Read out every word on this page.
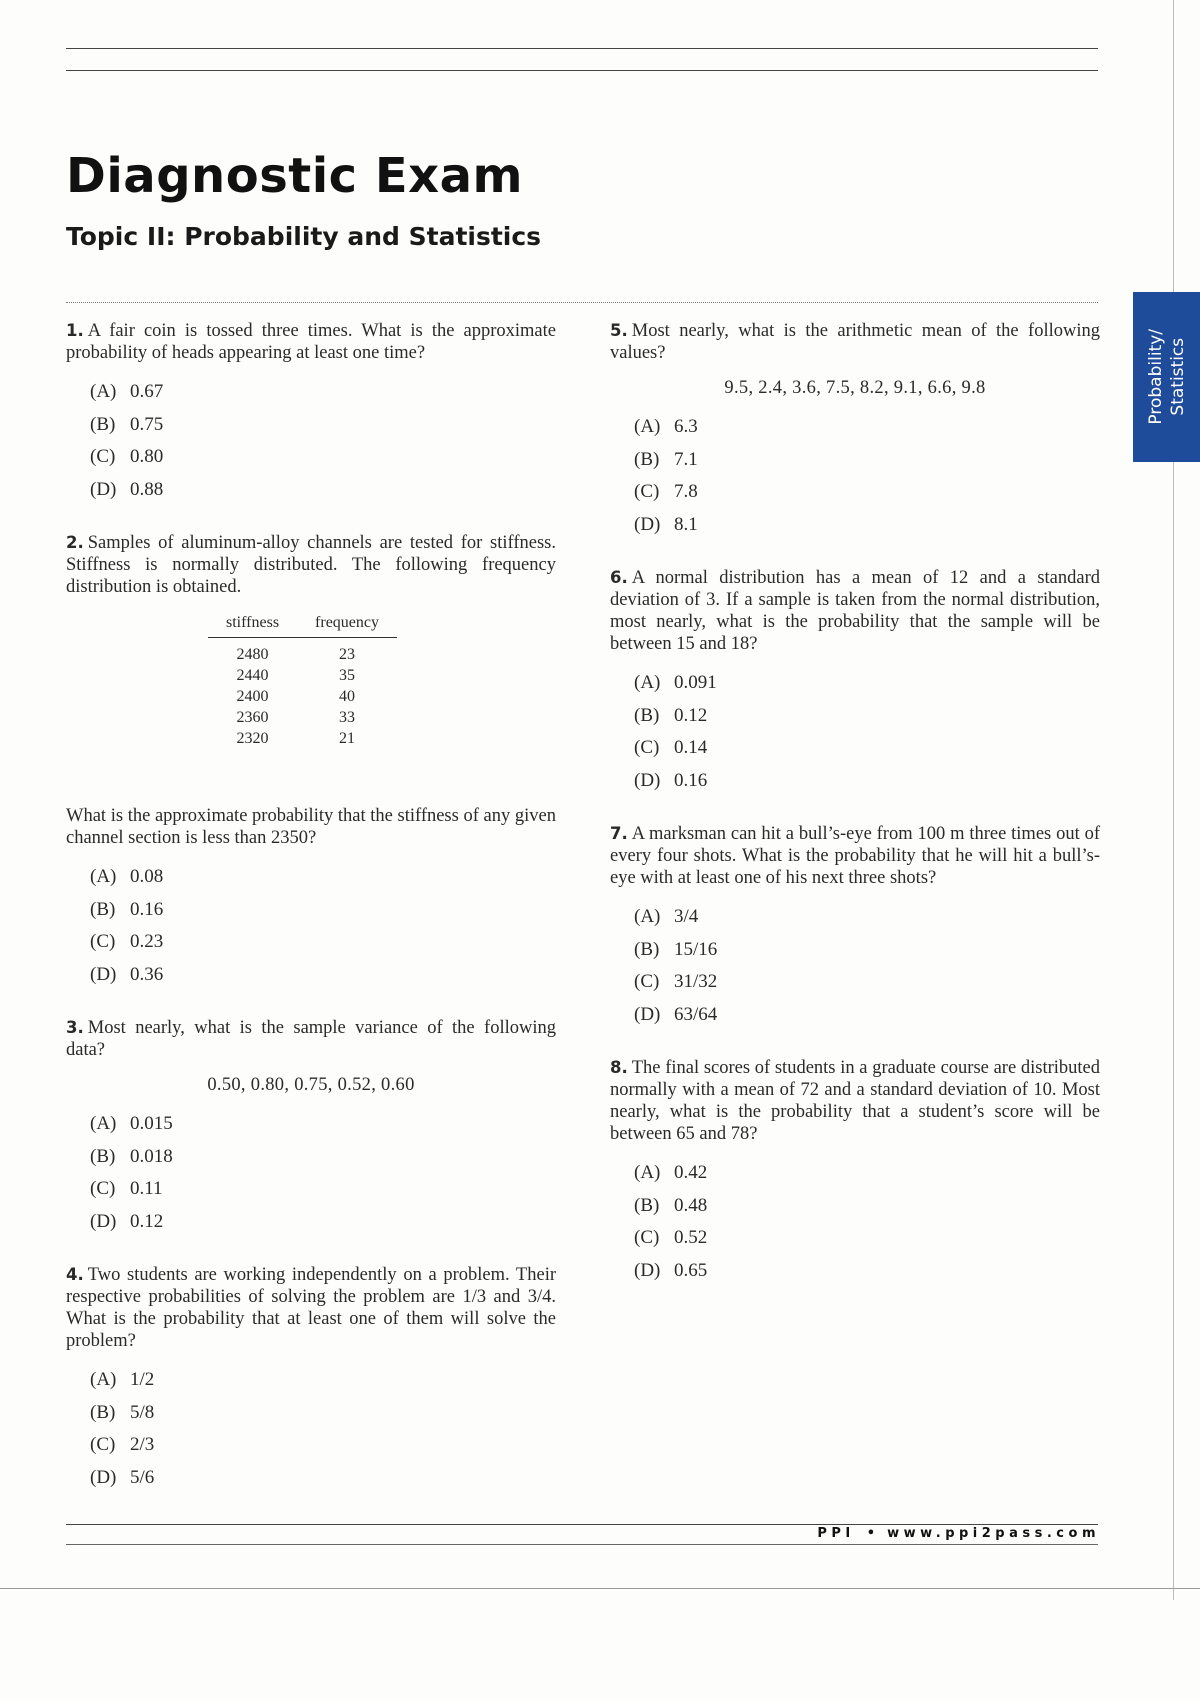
Diagnostic Exam
Topic II: Probability and Statistics
Probability/
Statistics

1. A fair coin is tossed three times. What is the approximate probability of heads appearing at least one time?

(A) 0.67
(B) 0.75
(C) 0.80
(D) 0.88

2. Samples of aluminum-alloy channels are tested for stiffness. Stiffness is normally distributed. The following frequency distribution is obtained.

stiffness	frequency
2480	23
2440	35
2400	40
2360	33
2320	21

What is the approximate probability that the stiffness of any given channel section is less than 2350?

(A) 0.08
(B) 0.16
(C) 0.23
(D) 0.36

3. Most nearly, what is the sample variance of the following data?

0.50, 0.80, 0.75, 0.52, 0.60
(A) 0.015
(B) 0.018
(C) 0.11
(D) 0.12

4. Two students are working independently on a problem. Their respective probabilities of solving the problem are 1/3 and 3/4. What is the probability that at least one of them will solve the problem?

(A) 1/2
(B) 5/8
(C) 2/3
(D) 5/6

5. Most nearly, what is the arithmetic mean of the following values?

9.5, 2.4, 3.6, 7.5, 8.2, 9.1, 6.6, 9.8
(A) 6.3
(B) 7.1
(C) 7.8
(D) 8.1

6. A normal distribution has a mean of 12 and a standard deviation of 3. If a sample is taken from the normal distribution, most nearly, what is the probability that the sample will be between 15 and 18?

(A) 0.091
(B) 0.12
(C) 0.14
(D) 0.16

7. A marksman can hit a bull’s-eye from 100 m three times out of every four shots. What is the probability that he will hit a bull’s-eye with at least one of his next three shots?

(A) 3/4
(B) 15/16
(C) 31/32
(D) 63/64

8. The final scores of students in a graduate course are distributed normally with a mean of 72 and a standard deviation of 10. Most nearly, what is the probability that a student’s score will be between 65 and 78?

(A) 0.42
(B) 0.48
(C) 0.52
(D) 0.65
PPI • www.ppi2pass.com
